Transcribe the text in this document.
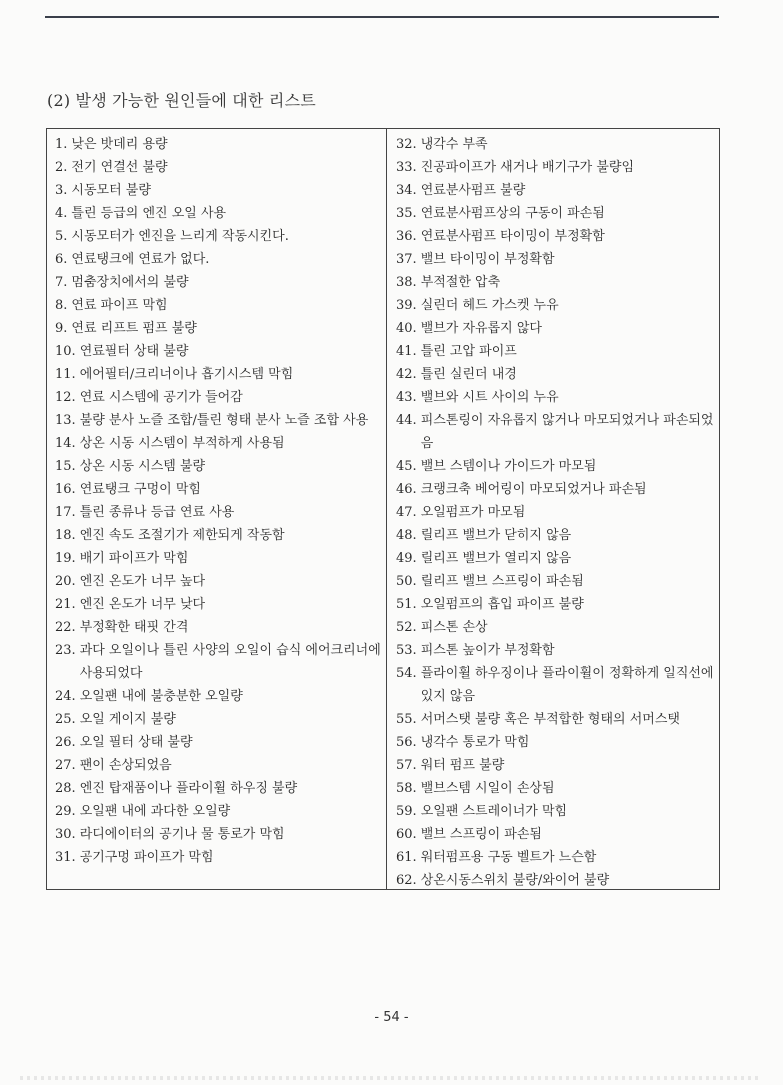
(2) 발생 가능한 원인들에 대한 리스트
1. 낮은 밧데리 용량
2. 전기 연결선 불량
3. 시동모터 불량
4. 틀린 등급의 엔진 오일 사용
5. 시동모터가 엔진을 느리게 작동시킨다.
6. 연료탱크에 연료가 없다.
7. 멈춤장치에서의 불량
8. 연료 파이프 막힘
9. 연료 리프트 펌프 불량
10. 연료필터 상태 불량
11. 에어필터/크리너이나 흡기시스템 막힘
12. 연료 시스템에 공기가 들어감
13. 불량 분사 노즐 조합/틀린 형태 분사 노즐 조합 사용
14. 상온 시동 시스템이 부적하게 사용됨
15. 상온 시동 시스템 불량
16. 연료탱크 구멍이 막힘
17. 틀린 종류나 등급 연료 사용
18. 엔진 속도 조절기가 제한되게 작동함
19. 배기 파이프가 막힘
20. 엔진 온도가 너무 높다
21. 엔진 온도가 너무 낮다
22. 부정확한 태핏 간격
23. 과다 오일이나 틀린 사양의 오일이 습식 에어크리너에 사용되었다
24. 오일팬 내에 불충분한 오일량
25. 오일 게이지 불량
26. 오일 필터 상태 불량
27. 팬이 손상되었음
28. 엔진 탑재품이나 플라이휠 하우징 불량
29. 오일팬 내에 과다한 오일량
30. 라디에이터의 공기나 물 통로가 막힘
31. 공기구멍 파이프가 막힘
32. 냉각수 부족
33. 진공파이프가 새거나 배기구가 불량임
34. 연료분사펌프 불량
35. 연료분사펌프상의 구동이 파손됨
36. 연료분사펌프 타이밍이 부정확함
37. 밸브 타이밍이 부정확함
38. 부적절한 압축
39. 실린더 헤드 가스켓 누유
40. 밸브가 자유롭지 않다
41. 틀린 고압 파이프
42. 틀린 실린더 내경
43. 밸브와 시트 사이의 누유
44. 피스톤링이 자유롭지 않거나 마모되었거나 파손되었음
45. 밸브 스템이나 가이드가 마모됨
46. 크랭크축 베어링이 마모되었거나 파손됨
47. 오일펌프가 마모됨
48. 릴리프 밸브가 닫히지 않음
49. 릴리프 밸브가 열리지 않음
50. 릴리프 밸브 스프링이 파손됨
51. 오일펌프의 흡입 파이프 불량
52. 피스톤 손상
53. 피스톤 높이가 부정확함
54. 플라이휠 하우징이나 플라이휠이 정확하게 일직선에 있지 않음
55. 서머스탯 불량 혹은 부적합한 형태의 서머스탯
56. 냉각수 통로가 막힘
57. 워터 펌프 불량
58. 밸브스템 시일이 손상됨
59. 오일팬 스트레이너가 막힘
60. 밸브 스프링이 파손됨
61. 워터펌프용 구동 벨트가 느슨함
62. 상온시동스위치 불량/와이어 불량
- 54 -
